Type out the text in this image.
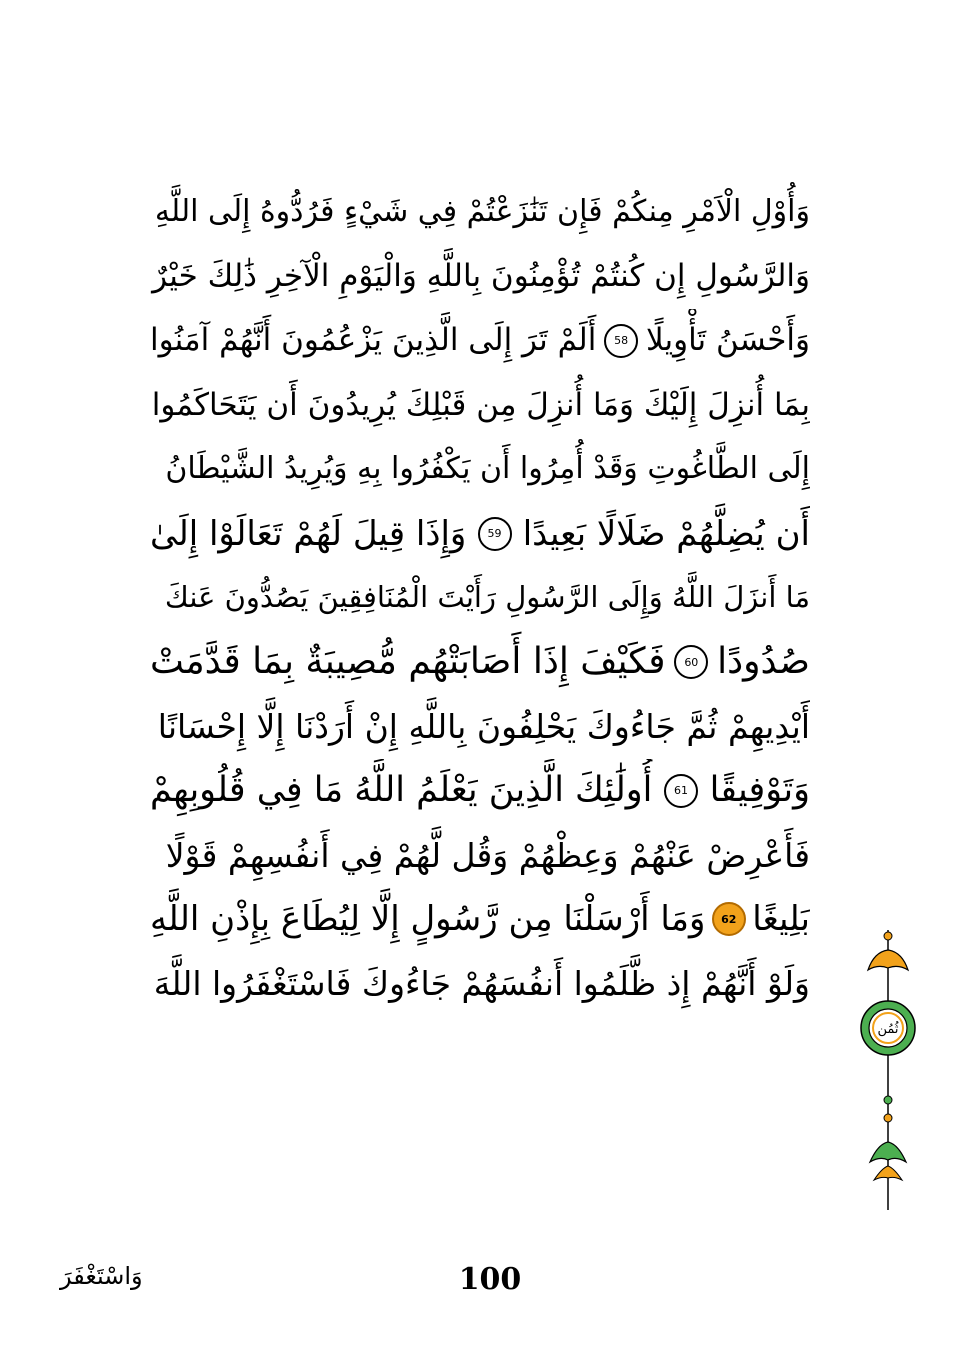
وَأُوْلِ الْاَمْرِ مِنكُمْ فَإِن تَنَٰزَعْتُمْ فِي شَيْءٍ فَرُدُّوهُ إِلَى اللَّهِ
وَالرَّسُولِ إِن كُنتُمْ تُؤْمِنُونَ بِاللَّهِ وَالْيَوْمِ الْآخِرِ ذَٰلِكَ خَيْرٌ
وَأَحْسَنُ تَأْوِيلًا
58
أَلَمْ تَرَ إِلَى الَّذِينَ يَزْعُمُونَ أَنَّهُمْ آمَنُوا
بِمَا أُنزِلَ إِلَيْكَ وَمَا أُنزِلَ مِن قَبْلِكَ يُرِيدُونَ أَن يَتَحَاكَمُوا
إِلَى الطَّاغُوتِ وَقَدْ أُمِرُوا أَن يَكْفُرُوا بِهِ وَيُرِيدُ الشَّيْطَانُ
أَن يُضِلَّهُمْ ضَلَالًا بَعِيدًا
59
وَإِذَا قِيلَ لَهُمْ تَعَالَوْا إِلَىٰ
مَا أَنزَلَ اللَّهُ وَإِلَى الرَّسُولِ رَأَيْتَ الْمُنَافِقِينَ يَصُدُّونَ عَنكَ
صُدُودًا
60
فَكَيْفَ إِذَا أَصَابَتْهُم مُّصِيبَةٌ بِمَا قَدَّمَتْ
أَيْدِيهِمْ ثُمَّ جَاءُوكَ يَحْلِفُونَ بِاللَّهِ إِنْ أَرَدْنَا إِلَّا إِحْسَانًا
وَتَوْفِيقًا
61
أُولَٰئِكَ الَّذِينَ يَعْلَمُ اللَّهُ مَا فِي قُلُوبِهِمْ
فَأَعْرِضْ عَنْهُمْ وَعِظْهُمْ وَقُل لَّهُمْ فِي أَنفُسِهِمْ قَوْلًا
بَلِيغًا
62
وَمَا أَرْسَلْنَا مِن رَّسُولٍ إِلَّا لِيُطَاعَ بِإِذْنِ اللَّهِ
وَلَوْ أَنَّهُمْ إِذ ظَّلَمُوا أَنفُسَهُمْ جَاءُوكَ فَاسْتَغْفَرُوا اللَّهَ
ثُمُن
وَاسْتَغْفَرَ	100
